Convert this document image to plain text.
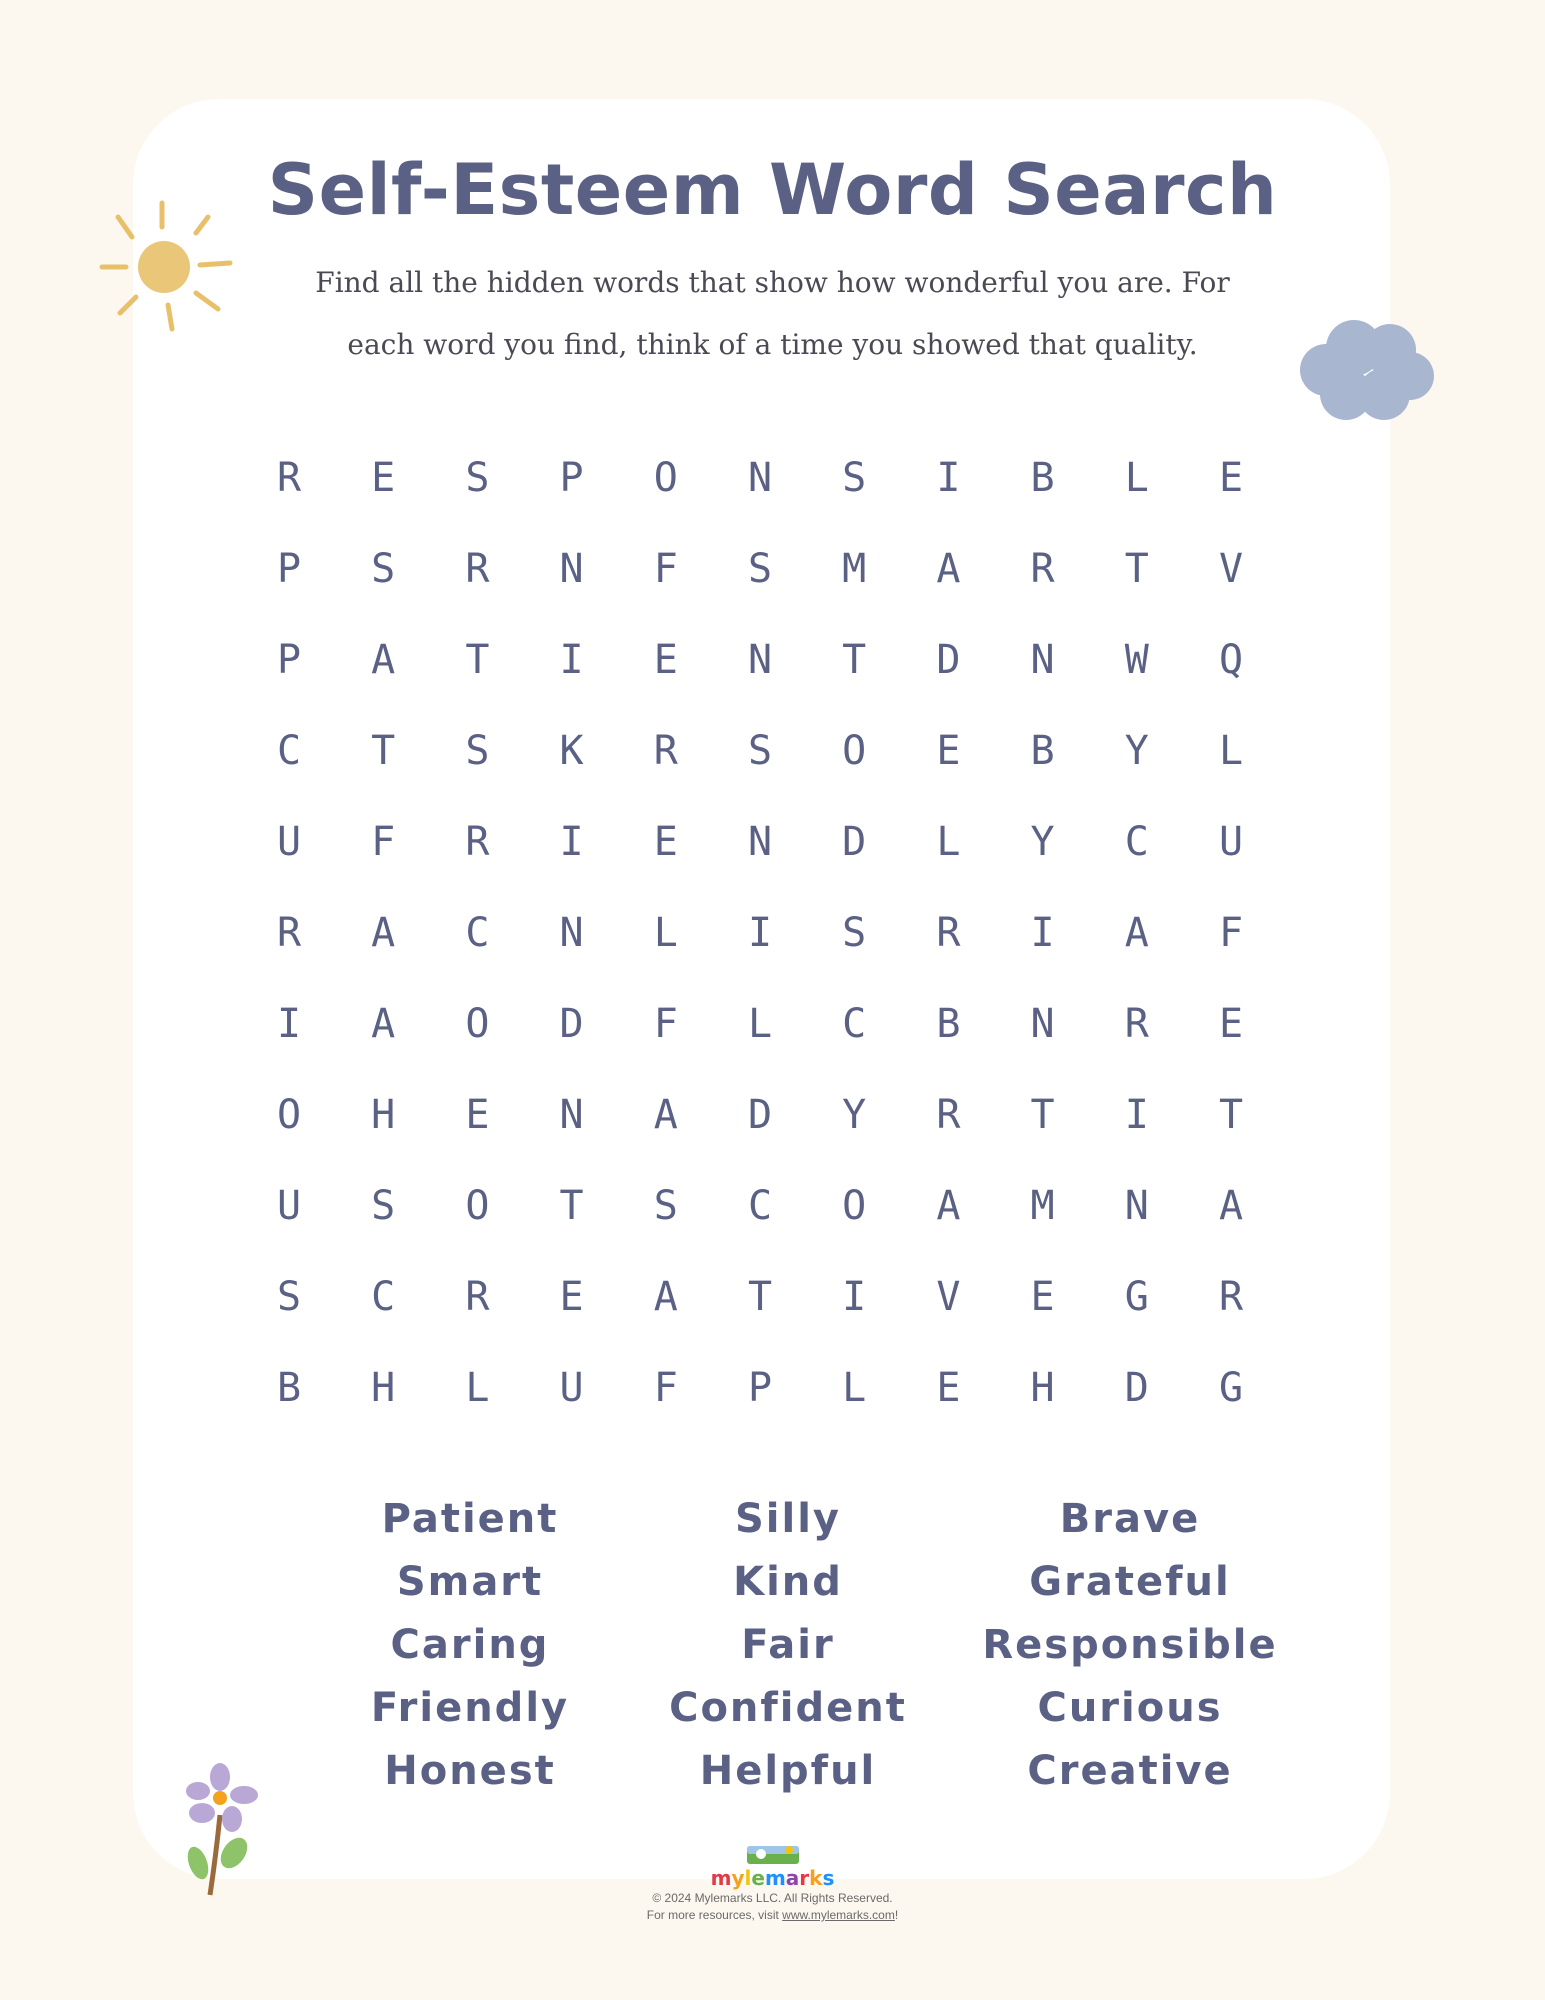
Self-Esteem Word Search

Find all the hidden words that show how wonderful you are. For each word you find, think of a time you showed that quality.

R	E	S	P	O	N	S	I	B	L	E
P	S	R	N	F	S	M	A	R	T	V
P	A	T	I	E	N	T	D	N	W	Q
C	T	S	K	R	S	O	E	B	Y	L
U	F	R	I	E	N	D	L	Y	C	U
R	A	C	N	L	I	S	R	I	A	F
I	A	O	D	F	L	C	B	N	R	E
O	H	E	N	A	D	Y	R	T	I	T
U	S	O	T	S	C	O	A	M	N	A
S	C	R	E	A	T	I	V	E	G	R
B	H	L	U	F	P	L	E	H	D	G
Patient
Smart
Caring
Friendly
Honest
Silly
Kind
Fair
Confident
Helpful
Brave
Grateful
Responsible
Curious
Creative
mylemarks
© 2024 Mylemarks LLC. All Rights Reserved.
For more resources, visit www.mylemarks.com!
